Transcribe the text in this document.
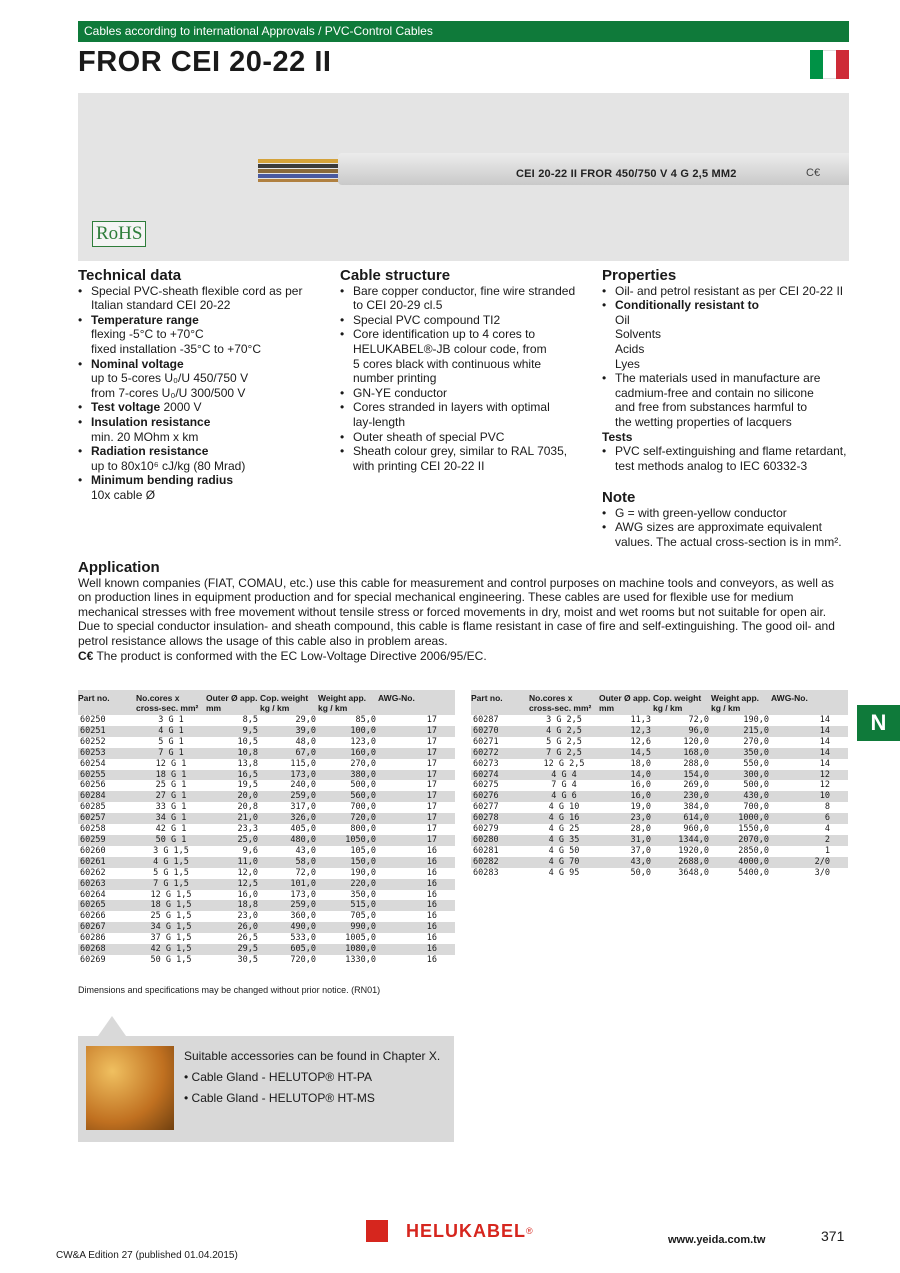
Cables according to international Approvals / PVC-Control Cables
FROR CEI 20-22 II
CEI 20-22 II FROR 450/750 V 4 G 2,5 MM2	C€
RoHS
Technical data
• Special PVC-sheath flexible cord as per Italian standard CEI 20-22
• Temperature range
flexing -5°C to +70°C
fixed installation -35°C to +70°C
• Nominal voltage
up to 5-cores U₀/U 450/750 V
from 7-cores U₀/U 300/500 V
• Test voltage 2000 V
• Insulation resistance
min. 20 MOhm x km
• Radiation resistance
up to 80x10⁶ cJ/kg (80 Mrad)
• Minimum bending radius
10x cable Ø
Cable structure
• Bare copper conductor, fine wire stranded to CEI 20-29 cl.5
• Special PVC compound TI2
• Core identification up to 4 cores to HELUKABEL®-JB colour code, from 5 cores black with continuous white number printing
• GN-YE conductor
• Cores stranded in layers with optimal lay-length
• Outer sheath of special PVC
• Sheath colour grey, similar to RAL 7035, with printing CEI 20-22 II
Properties
• Oil- and petrol resistant as per CEI 20-22 II
• Conditionally resistant to
Oil
Solvents
Acids
Lyes
• The materials used in manufacture are cadmium-free and contain no silicone and free from substances harmful to the wetting properties of lacquers
Tests
• PVC self-extinguishing and flame retardant, test methods analog to IEC 60332-3
Note
• G = with green-yellow conductor
• AWG sizes are approximate equivalent values. The actual cross-section is in mm².
Application
Well known companies (FIAT, COMAU, etc.) use this cable for measurement and control purposes on machine tools and conveyors, as well as on production lines in equipment production and for special mechanical engineering. These cables are used for flexible use for medium mechanical stresses with free movement without tensile stress or forced movements in dry, moist and wet rooms but not suitable for open air. Due to special conductor insulation- and sheath compound, this cable is flame resistant in case of fire and self-extinguishing. The good oil- and petrol resistance allows the usage of this cable also in problem areas.
C€ The product is conformed with the EC Low-Voltage Directive 2006/95/EC.
Part no.	No.cores x cross-sec. mm²	Outer Ø app. mm	Cop. weight kg / km	Weight app. kg / km	AWG-No.
60250	3 G 1	8,5	29,0	85,0	17
60251	4 G 1	9,5	39,0	100,0	17
60252	5 G 1	10,5	48,0	123,0	17
60253	7 G 1	10,8	67,0	160,0	17
60254	12 G 1	13,8	115,0	270,0	17
60255	18 G 1	16,5	173,0	380,0	17
60256	25 G 1	19,5	240,0	500,0	17
60284	27 G 1	20,0	259,0	560,0	17
60285	33 G 1	20,8	317,0	700,0	17
60257	34 G 1	21,0	326,0	720,0	17
60258	42 G 1	23,3	405,0	800,0	17
60259	50 G 1	25,0	480,0	1050,0	17
60260	3 G 1,5	9,6	43,0	105,0	16
60261	4 G 1,5	11,0	58,0	150,0	16
60262	5 G 1,5	12,0	72,0	190,0	16
60263	7 G 1,5	12,5	101,0	220,0	16
60264	12 G 1,5	16,0	173,0	350,0	16
60265	18 G 1,5	18,8	259,0	515,0	16
60266	25 G 1,5	23,0	360,0	705,0	16
60267	34 G 1,5	26,0	490,0	990,0	16
60286	37 G 1,5	26,5	533,0	1005,0	16
60268	42 G 1,5	29,5	605,0	1080,0	16
60269	50 G 1,5	30,5	720,0	1330,0	16
Part no.	No.cores x cross-sec. mm²	Outer Ø app. mm	Cop. weight kg / km	Weight app. kg / km	AWG-No.
60287	3 G 2,5	11,3	72,0	190,0	14
60270	4 G 2,5	12,3	96,0	215,0	14
60271	5 G 2,5	12,6	120,0	270,0	14
60272	7 G 2,5	14,5	168,0	350,0	14
60273	12 G 2,5	18,0	288,0	550,0	14
60274	4 G 4	14,0	154,0	300,0	12
60275	7 G 4	16,0	269,0	500,0	12
60276	4 G 6	16,0	230,0	430,0	10
60277	4 G 10	19,0	384,0	700,0	8
60278	4 G 16	23,0	614,0	1000,0	6
60279	4 G 25	28,0	960,0	1550,0	4
60280	4 G 35	31,0	1344,0	2070,0	2
60281	4 G 50	37,0	1920,0	2850,0	1
60282	4 G 70	43,0	2688,0	4000,0	2/0
60283	4 G 95	50,0	3648,0	5400,0	3/0
N
Dimensions and specifications may be changed without prior notice. (RN01)
Suitable accessories can be found in Chapter X.
• Cable Gland - HELUTOP® HT-PA
• Cable Gland - HELUTOP® HT-MS
HELUKABEL ®
www.yeida.com.tw	371
CW&A Edition 27 (published 01.04.2015)
